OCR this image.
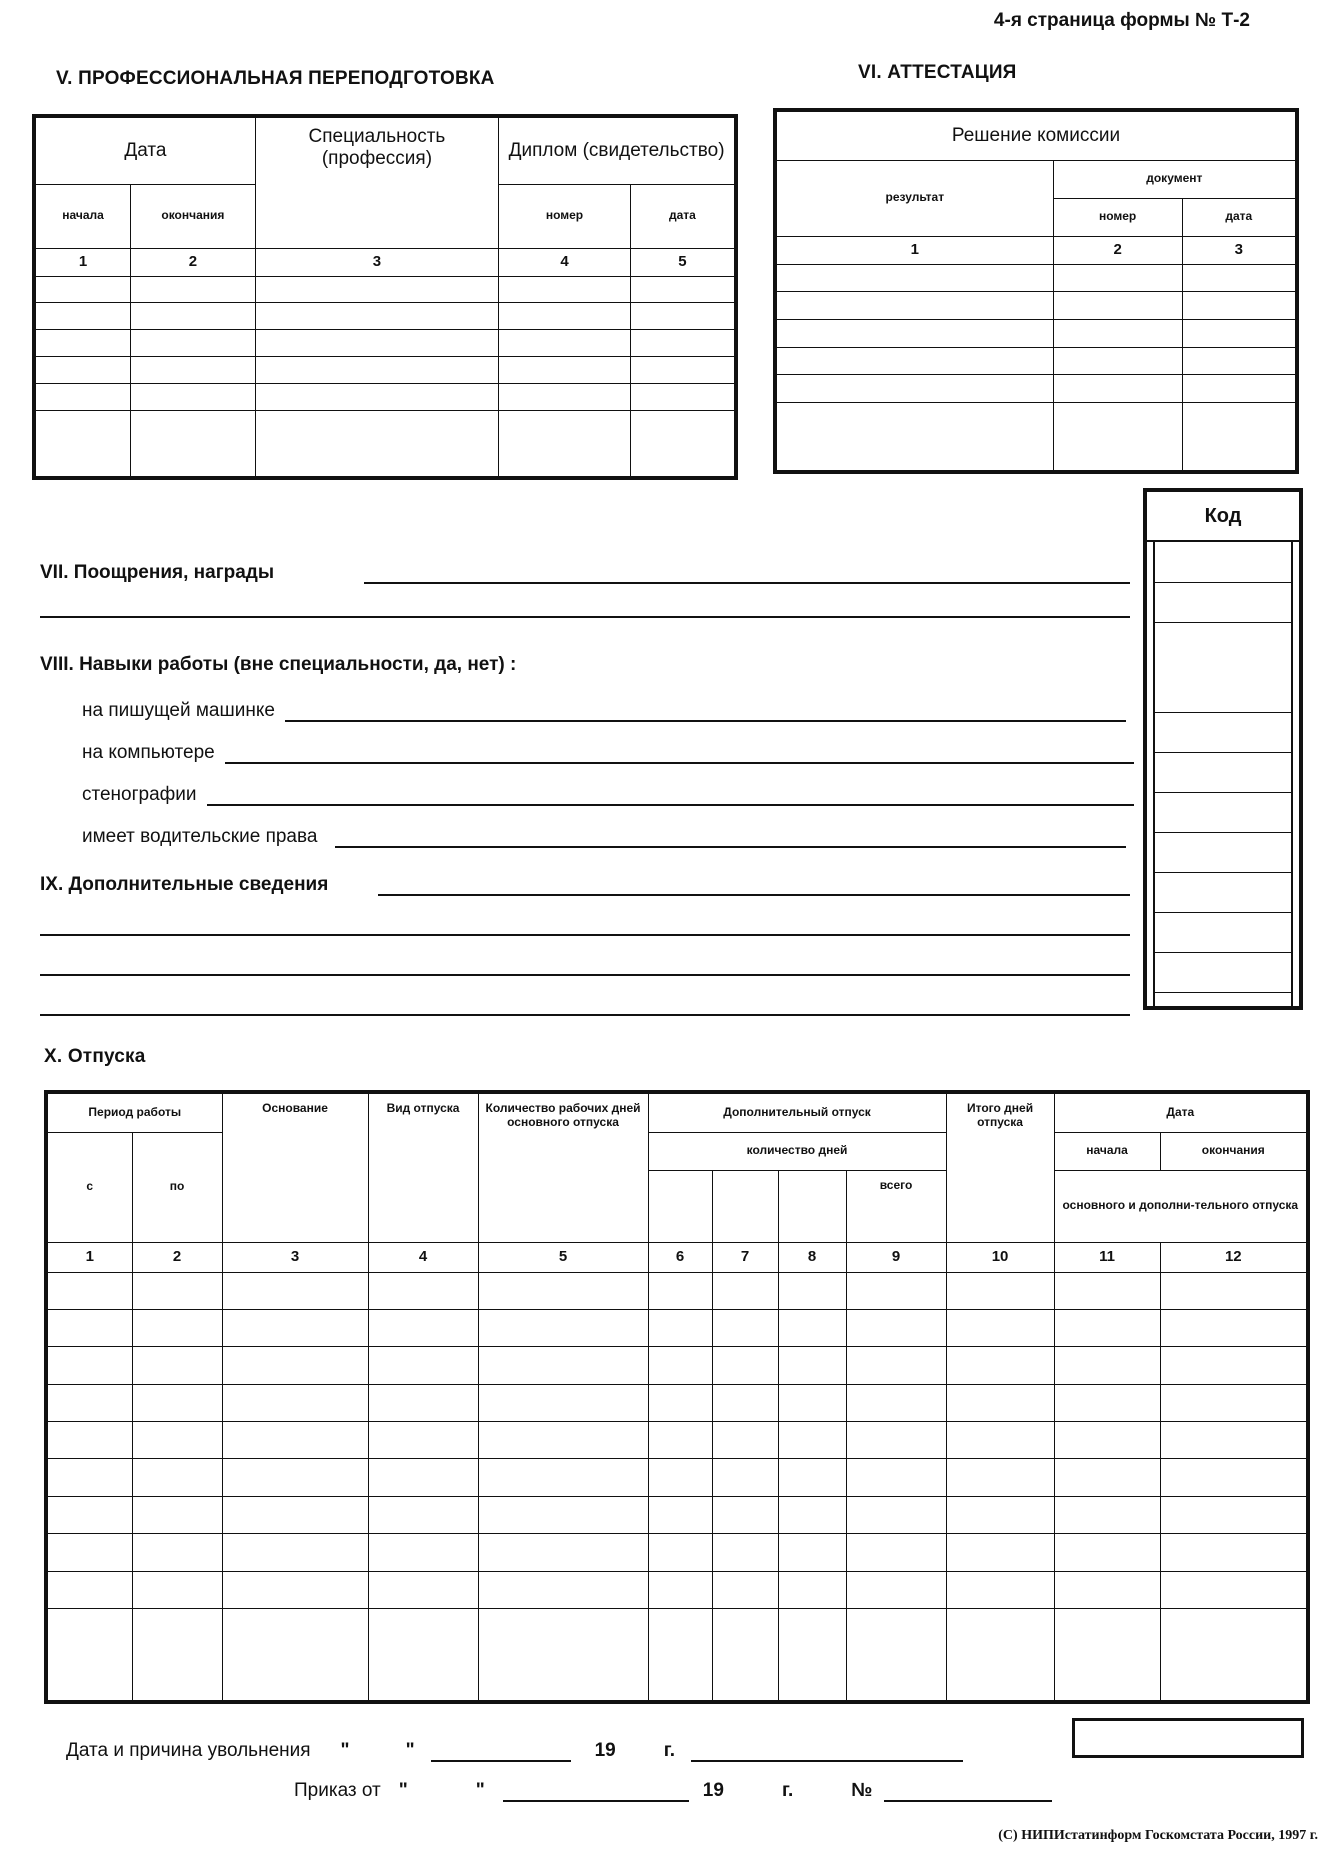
4-я страница формы № Т-2
V. ПРОФЕССИОНАЛЬНАЯ ПЕРЕПОДГОТОВКА
Дата		Специальность (профессия)	Диплом (свидетельство)	
начала	окончания		номер	дата
1	2	3	4	5

VI. АТТЕСТАЦИЯ
Решение комиссии		
результат	документ	
	номер	дата
1	2	3

Код
VII. Поощрения, награды
VIII. Навыки работы (вне специальности, да, нет) :
на пишущей машинке
на компьютере
стенографии
имеет водительские права
IX. Дополнительные сведения
X. Отпуска
Период работы		Основание	Вид отпуска	Количество рабочих дней основного отпуска	Дополнительный отпуск				Итого дней отпуска	Дата	
с	по				количество дней					начала	окончания
								всего		основного и дополни-тельного отпуска	
1	2	3	4	5	6	7	8	9	10	11	12

Дата и причина увольнения "	"	19	г.
Приказ от "	"	19	г.	№
(C) НИПИстатинформ Госкомстата России, 1997 г.
